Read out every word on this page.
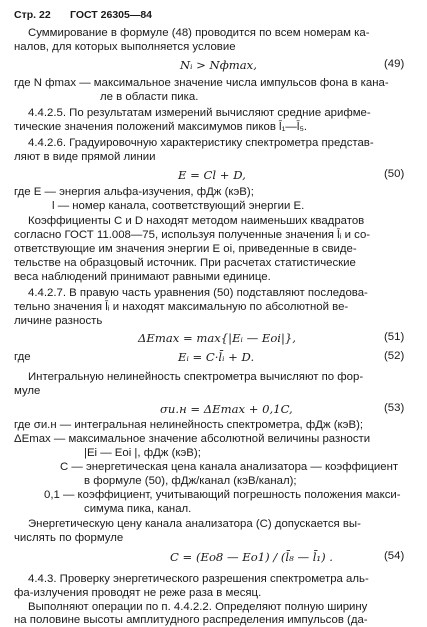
Стр. 22 ГОСТ 26305—84
Суммирование в формуле (48) проводится по всем номерам ка-
налов, для которых выполняется условие
Nᵢ > Nфmax,	(49)
где N фmax — максимальное значение числа импульсов фона в кана-
ле в области пика.
4.4.2.5. По результатам измерений вычисляют средние арифме-
тические значения положений максимумов пиков l̄₁—l̄₅.
4.4.2.6. Градуировочную характеристику спектрометра представ-
ляют в виде прямой линии
E = Cl + D,	(50)
где E — энергия альфа-изучения, фДж (кэВ);
l — номер канала, соответствующий энергии E.
Коэффициенты C и D находят методом наименьших квадратов
согласно ГОСТ 11.008—75, используя полученные значения l̄ᵢ и со-
ответствующие им значения энергии E oi, приведенные в свиде-
тельстве на образцовый источник. При расчетах статистические
веса наблюдений принимают равными единице.
4.4.2.7. В правую часть уравнения (50) подставляют последова-
тельно значения l̄ᵢ и находят максимальную по абсолютной ве-
личине разность
ΔEmax = max{|Eᵢ — Eoi|},	(51)
где	Eᵢ = C·l̄ᵢ + D.	(52)
Интегральную нелинейность спектрометра вычисляют по фор-
муле
σи.н = ΔEmax + 0,1C,	(53)
где σи.н — интегральная нелинейность спектрометра, фДж (кэВ);
ΔEmax — максимальное значение абсолютной величины разности
|Ei — Eoi |, фДж (кэВ);
C — энергетическая цена канала анализатора — коэффициент
в формуле (50), фДж/канал (кэВ/канал);
0,1 — коэффициент, учитывающий погрешность положения макси-
симума пика, канал.
Энергетическую цену канала анализатора (C) допускается вы-
числять по формуле
C = (Eо8 — Eо1) / (l̄₈ — l̄₁) .	(54)
4.4.3. Проверку энергетического разрешения спектрометра аль-
фа-излучения проводят не реже раза в месяц.
Выполняют операции по п. 4.4.2.2. Определяют полную ширину
на половине высоты амплитудного распределения импульсов (да-
